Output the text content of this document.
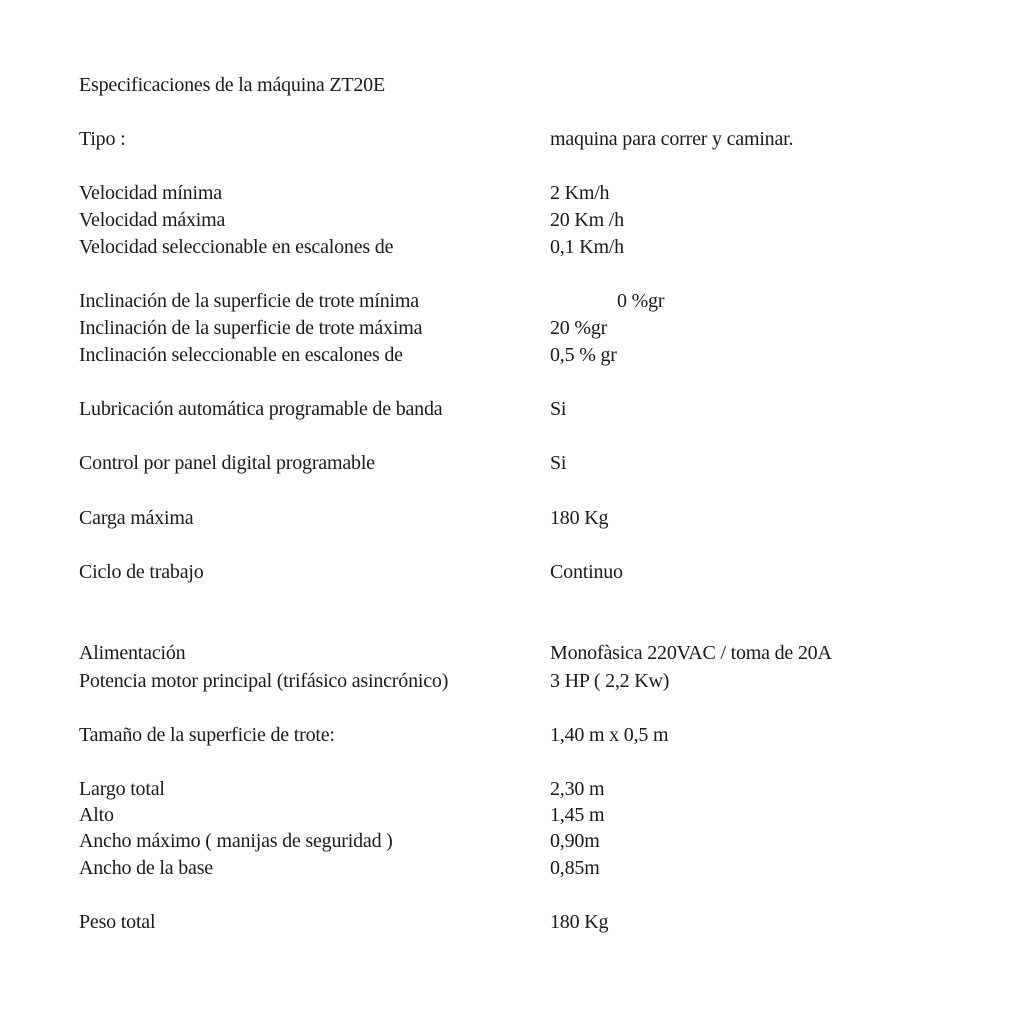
Especificaciones de la máquina ZT20E
Tipo :	maquina para correr y caminar.
Velocidad mínima	2 Km/h
Velocidad máxima	20 Km /h
Velocidad seleccionable en escalones de	0,1 Km/h
Inclinación de la superficie de trote mínima	0 %gr
Inclinación de la superficie de trote máxima	20 %gr
Inclinación seleccionable en escalones de	0,5 % gr
Lubricación automática programable de banda	Si
Control por panel digital programable	Si
Carga máxima	180 Kg
Ciclo de trabajo	Continuo
Alimentación	Monofàsica 220VAC / toma de 20A
Potencia motor principal (trifásico asincrónico)	3 HP ( 2,2 Kw)
Tamaño de la superficie de trote:	1,40 m x 0,5 m
Largo total	2,30 m
Alto	1,45 m
Ancho máximo ( manijas de seguridad )	0,90m
Ancho de la base	0,85m
Peso total	180 Kg
